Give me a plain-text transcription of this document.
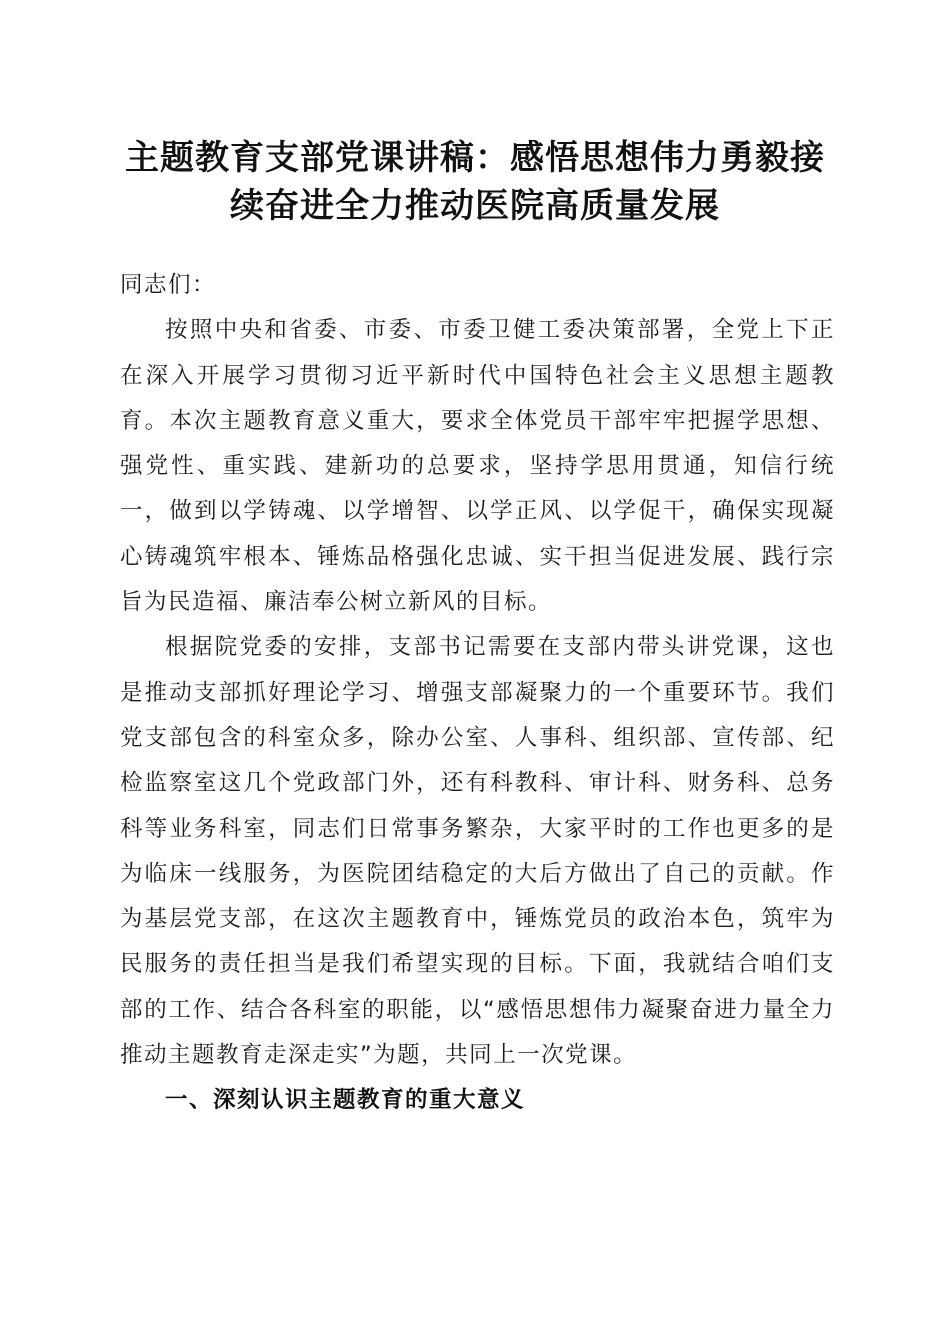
主题教育支部党课讲稿：感悟思想伟力勇毅接
续奋进全力推动医院高质量发展

同志们：

按照中央和省委、市委、市委卫健工委决策部署，全党上下正在深入开展学习贯彻习近平新时代中国特色社会主义思想主题教育。本次主题教育意义重大，要求全体党员干部牢牢把握学思想、强党性、重实践、建新功的总要求，坚持学思用贯通，知信行统一，做到以学铸魂、以学增智、以学正风、以学促干，确保实现凝心铸魂筑牢根本、锤炼品格强化忠诚、实干担当促进发展、践行宗旨为民造福、廉洁奉公树立新风的目标。

根据院党委的安排，支部书记需要在支部内带头讲党课，这也是推动支部抓好理论学习、增强支部凝聚力的一个重要环节。我们党支部包含的科室众多，除办公室、人事科、组织部、宣传部、纪检监察室这几个党政部门外，还有科教科、审计科、财务科、总务科等业务科室，同志们日常事务繁杂，大家平时的工作也更多的是为临床一线服务，为医院团结稳定的大后方做出了自己的贡献。作为基层党支部，在这次主题教育中，锤炼党员的政治本色，筑牢为民服务的责任担当是我们希望实现的目标。下面，我就结合咱们支部的工作、结合各科室的职能，以“感悟思想伟力凝聚奋进力量全力推动主题教育走深走实”为题，共同上一次党课。

一、深刻认识主题教育的重大意义
